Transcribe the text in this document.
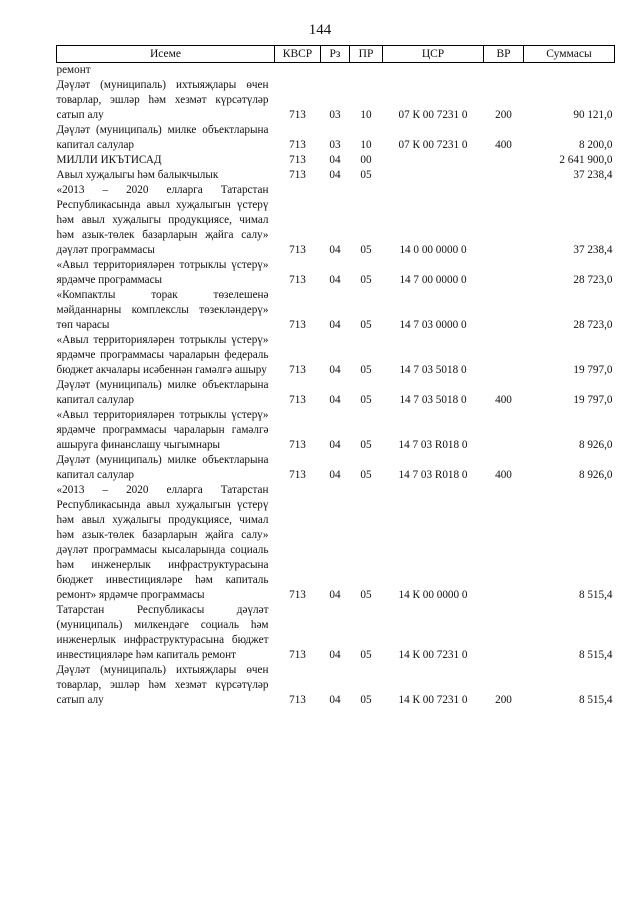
144
Исеме	КВСР	Рз	ПР	ЦСР	ВР	Суммасы
ремонт						
Дәүләт (муниципаль) ихтыяҗлары өчен товарлар, эшләр һәм хезмәт күрсәтүләр сатып алу	713	03	10	07 К 00 7231 0	200	90 121,0
Дәүләт (муниципаль) милке объектларына капитал салулар	713	03	10	07 К 00 7231 0	400	8 200,0
МИЛЛИ ИКЪТИСАД	713	04	00			2 641 900,0
Авыл хуҗалыгы һәм балыкчылык	713	04	05			37 238,4
«2013 – 2020 елларга Татарстан Республикасында авыл хуҗалыгын үстерү һәм авыл хуҗалыгы продукциясе, чимал һәм азык-төлек базарларын җайга салу» дәүләт программасы	713	04	05	14 0 00 0000 0		37 238,4
«Авыл территорияләрен тотрыклы үстерү» ярдәмче программасы	713	04	05	14 7 00 0000 0		28 723,0
«Компактлы торак төзелешенә мәйданнарны комплекслы төзекләндерү» төп чарасы	713	04	05	14 7 03 0000 0		28 723,0
«Авыл территорияләрен тотрыклы үстерү» ярдәмче программасы чараларын федераль бюджет акчалары исәбеннән гамәлгә ашыру	713	04	05	14 7 03 5018 0		19 797,0
Дәүләт (муниципаль) милке объектларына капитал салулар	713	04	05	14 7 03 5018 0	400	19 797,0
«Авыл территорияләрен тотрыклы үстерү» ярдәмче программасы чараларын гамәлгә ашыруга финанслашу чыгымнары	713	04	05	14 7 03 R018 0		8 926,0
Дәүләт (муниципаль) милке объектларына капитал салулар	713	04	05	14 7 03 R018 0	400	8 926,0
«2013 – 2020 елларга Татарстан Республикасында авыл хуҗалыгын үстерү һәм авыл хуҗалыгы продукциясе, чимал һәм азык-төлек базарларын җайга салу» дәүләт программасы кысаларында социаль һәм инженерлык инфраструктурасына бюджет инвестицияләре һәм капиталь ремонт» ярдәмче программасы	713	04	05	14 К 00 0000 0		8 515,4
Татарстан Республикасы дәүләт (муниципаль) милкендәге социаль һәм инженерлык инфраструктурасына бюджет инвестицияләре һәм капиталь ремонт	713	04	05	14 К 00 7231 0		8 515,4
Дәүләт (муниципаль) ихтыяҗлары өчен товарлар, эшләр һәм хезмәт күрсәтүләр сатып алу	713	04	05	14 К 00 7231 0	200	8 515,4
